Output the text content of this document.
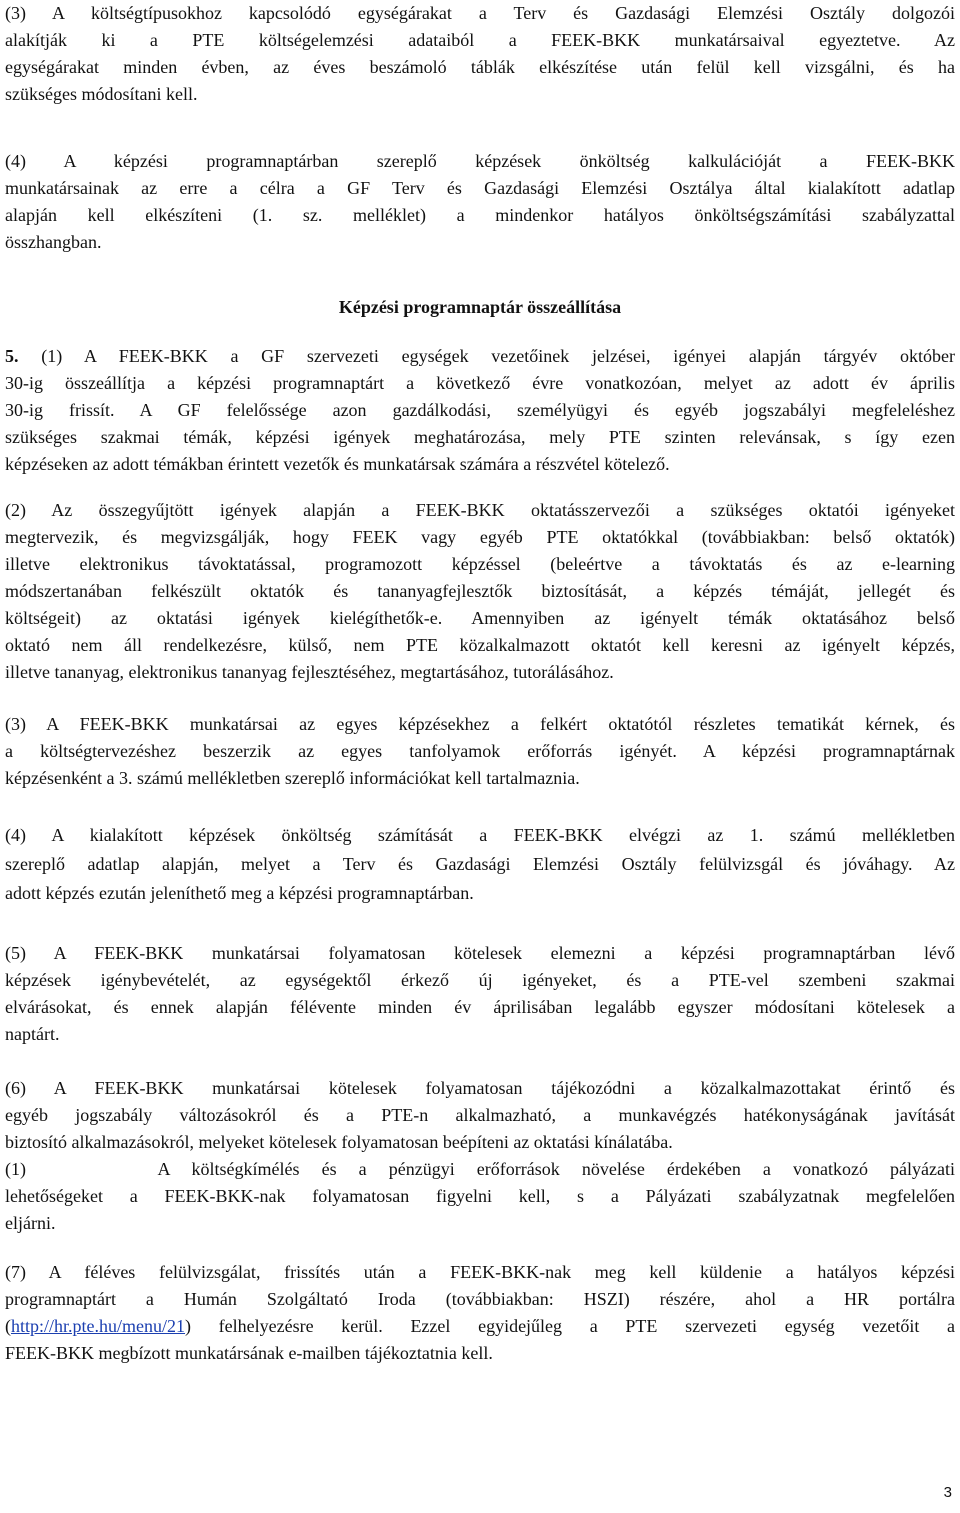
(3) A költségtípusokhoz kapcsolódó egységárakat a Terv és Gazdasági Elemzési Osztály dolgozói
alakítják ki a PTE költségelemzési adataiból a FEEK-BKK munkatársaival egyeztetve. Az
egységárakat minden évben, az éves beszámoló táblák elkészítése után felül kell vizsgálni, és ha
szükséges módosítani kell.
(4) A képzési programnaptárban szereplő képzések önköltség kalkulációját a FEEK-BKK
munkatársainak az erre a célra a GF Terv és Gazdasági Elemzési Osztálya által kialakított adatlap
alapján kell elkészíteni (1. sz. melléklet) a mindenkor hatályos önköltségszámítási szabályzattal
összhangban.
Képzési programnaptár összeállítása
5. (1) A FEEK-BKK a GF szervezeti egységek vezetőinek jelzései, igényei alapján tárgyév október
30-ig összeállítja a képzési programnaptárt a következő évre vonatkozóan, melyet az adott év április
30-ig frissít. A GF felelőssége azon gazdálkodási, személyügyi és egyéb jogszabályi megfeleléshez
szükséges szakmai témák, képzési igények meghatározása, mely PTE szinten relevánsak, s így ezen
képzéseken az adott témákban érintett vezetők és munkatársak számára a részvétel kötelező.
(2) Az összegyűjtött igények alapján a FEEK-BKK oktatásszervezői a szükséges oktatói igényeket
megtervezik, és megvizsgálják, hogy FEEK vagy egyéb PTE oktatókkal (továbbiakban: belső oktatók)
illetve elektronikus távoktatással, programozott képzéssel (beleértve a távoktatás és az e-learning
módszertanában felkészült oktatók és tananyagfejlesztők biztosítását, a képzés témáját, jellegét és
költségeit) az oktatási igények kielégíthetők-e. Amennyiben az igényelt témák oktatásához belső
oktató nem áll rendelkezésre, külső, nem PTE közalkalmazott oktatót kell keresni az igényelt képzés,
illetve tananyag, elektronikus tananyag fejlesztéséhez, megtartásához, tutorálásához.
(3) A FEEK-BKK munkatársai az egyes képzésekhez a felkért oktatótól részletes tematikát kérnek, és
a költségtervezéshez beszerzik az egyes tanfolyamok erőforrás igényét. A képzési programnaptárnak
képzésenként a 3. számú mellékletben szereplő információkat kell tartalmaznia.
(4) A kialakított képzések önköltség számítását a FEEK-BKK elvégzi az 1. számú mellékletben
szereplő adatlap alapján, melyet a Terv és Gazdasági Elemzési Osztály felülvizsgál és jóváhagy. Az
adott képzés ezután jeleníthető meg a képzési programnaptárban.
(5) A FEEK-BKK munkatársai folyamatosan kötelesek elemezni a képzési programnaptárban lévő
képzések igénybevételét, az egységektől érkező új igényeket, és a PTE-vel szembeni szakmai
elvárásokat, és ennek alapján félévente minden év áprilisában legalább egyszer módosítani kötelesek a
naptárt.
(6) A FEEK-BKK munkatársai kötelesek folyamatosan tájékozódni a közalkalmazottakat érintő és
egyéb jogszabály változásokról és a PTE-n alkalmazható, a munkavégzés hatékonyságának javítását
biztosító alkalmazásokról, melyeket kötelesek folyamatosan beépíteni az oktatási kínálatába.
(1)      A költségkímélés és a pénzügyi erőforrások növelése érdekében a vonatkozó pályázati
lehetőségeket a FEEK-BKK-nak folyamatosan figyelni kell, s a Pályázati szabályzatnak megfelelően
eljárni.
(7) A féléves felülvizsgálat, frissítés után a FEEK-BKK-nak meg kell küldenie a hatályos képzési
programnaptárt a Humán Szolgáltató Iroda (továbbiakban: HSZI) részére, ahol a HR portálra
(http://hr.pte.hu/menu/21) felhelyezésre kerül. Ezzel egyidejűleg a PTE szervezeti egység vezetőit a
FEEK-BKK megbízott munkatársának e-mailben tájékoztatnia kell.
3
